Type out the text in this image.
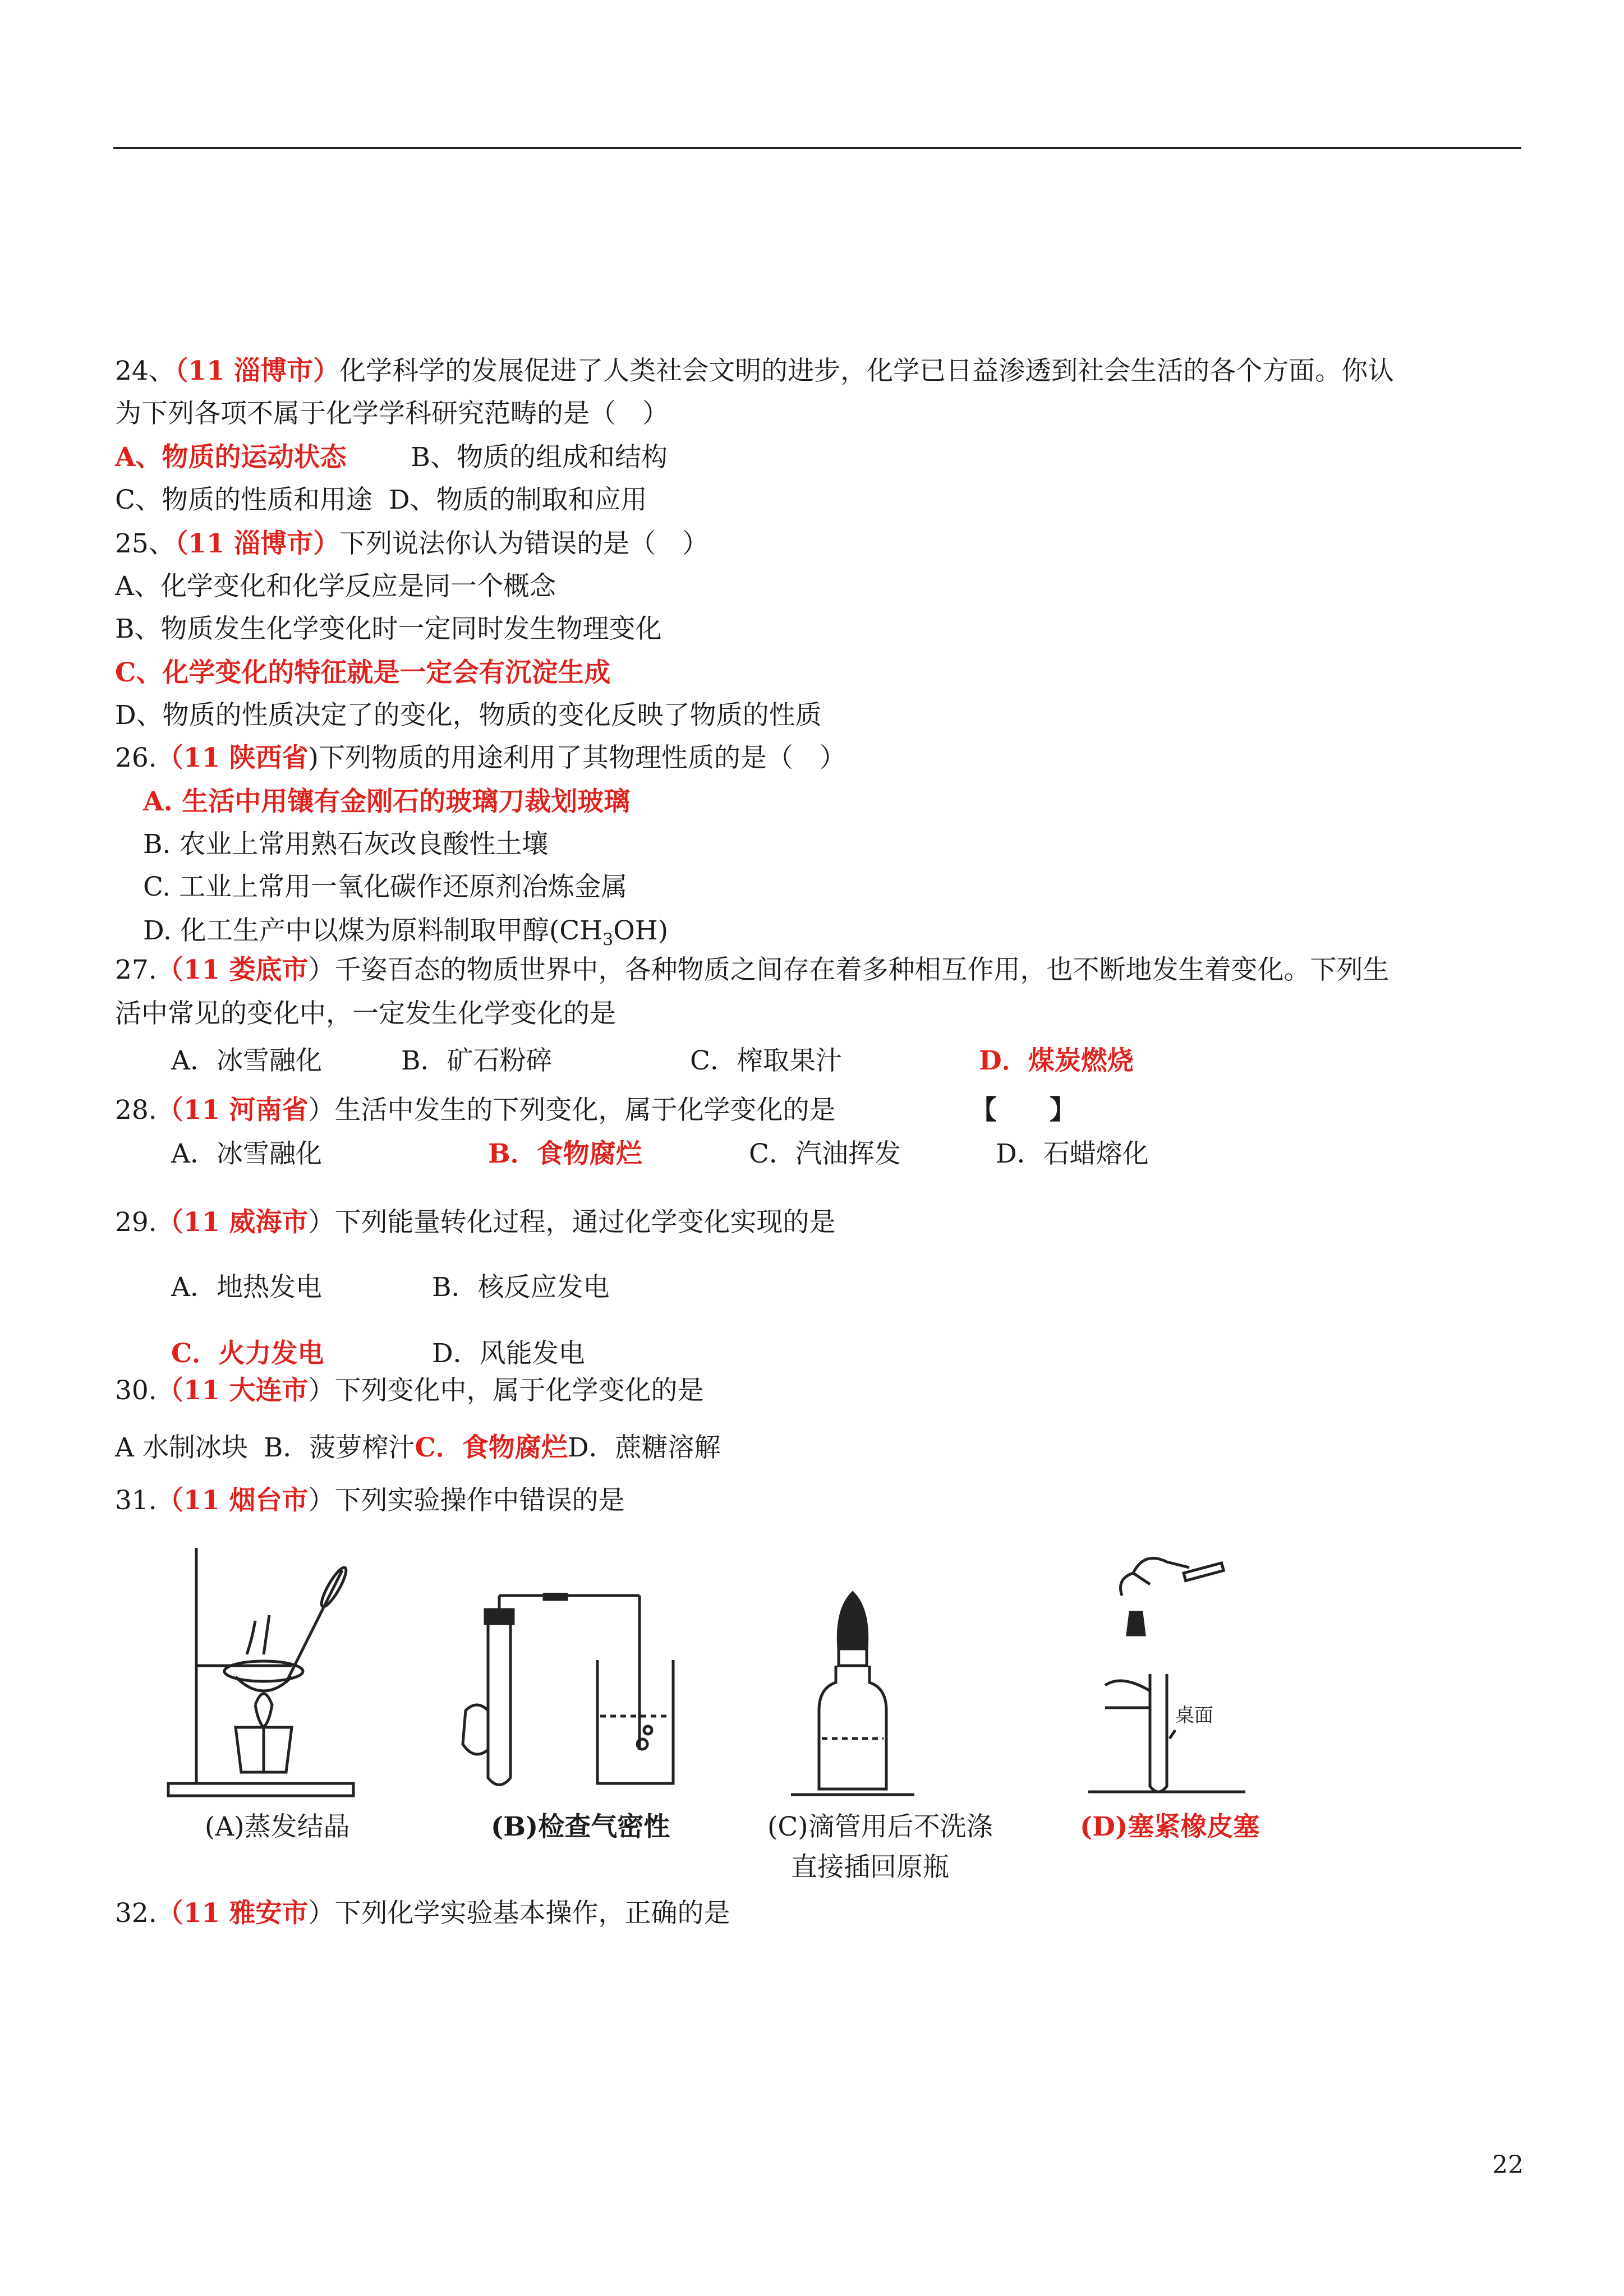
24、（11 淄博市）化学科学的发展促进了人类社会文明的进步，化学已日益渗透到社会生活的各个方面。你认
为下列各项不属于化学学科研究范畴的是（　）
A、物质的运动状态 B、物质的组成和结构
C、物质的性质和用途 D、物质的制取和应用
25、（11 淄博市）下列说法你认为错误的是（　）
A、化学变化和化学反应是同一个概念
B、物质发生化学变化时一定同时发生物理变化
C、化学变化的特征就是一定会有沉淀生成
D、物质的性质决定了的变化，物质的变化反映了物质的性质
26.（11 陕西省)下列物质的用途利用了其物理性质的是（　）
A. 生活中用镶有金刚石的玻璃刀裁划玻璃
B. 农业上常用熟石灰改良酸性土壤
C. 工业上常用一氧化碳作还原剂冶炼金属
D. 化工生产中以煤为原料制取甲醇$(CH_3OH)$
27.（11 娄底市）千姿百态的物质世界中，各种物质之间存在着多种相互作用，也不断地发生着变化。下列生
活中常见的变化中，一定发生化学变化的是
A．冰雪融化	B．矿石粉碎	C．榨取果汁	D．煤炭燃烧
28.（11 河南省）生活中发生的下列变化，属于化学变化的是	【　　】
A．冰雪融化	B．食物腐烂	C．汽油挥发	D．石蜡熔化
29.（11 威海市）下列能量转化过程，通过化学变化实现的是
A．地热发电	B．核反应发电
C．火力发电	D．风能发电
30.（11 大连市）下列变化中，属于化学变化的是
A 水制冰块 B．菠萝榨汁C．食物腐烂D．蔗糖溶解
31.（11 烟台市）下列实验操作中错误的是
桌面
(A)蒸发结晶	(B)检查气密性	(C)滴管用后不洗涤
直接插回原瓶
(D)塞紧橡皮塞
32.（11 雅安市）下列化学实验基本操作，正确的是
22
